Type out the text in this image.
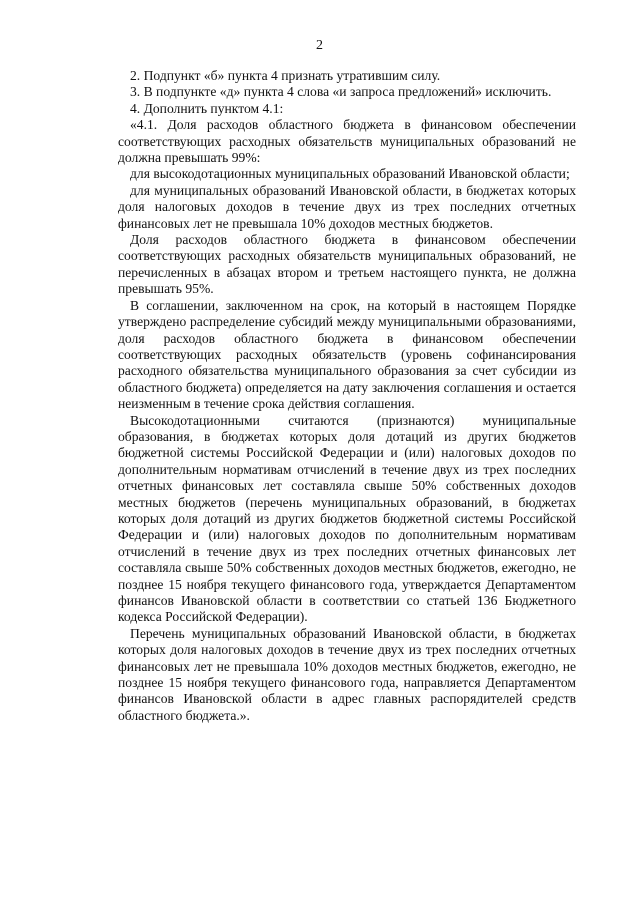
2

2. Подпункт «б» пункта 4 признать утратившим силу.

3. В подпункте «д» пункта 4 слова «и запроса предложений» исключить.

4. Дополнить пунктом 4.1:

«4.1. Доля расходов областного бюджета в финансовом обеспечении соответствующих расходных обязательств муниципальных образований не должна превышать 99%:

для высокодотационных муниципальных образований Ивановской области;

для муниципальных образований Ивановской области, в бюджетах которых доля налоговых доходов в течение двух из трех последних отчетных финансовых лет не превышала 10% доходов местных бюджетов.

Доля расходов областного бюджета в финансовом обеспечении соответствующих расходных обязательств муниципальных образований, не перечисленных в абзацах втором и третьем настоящего пункта, не должна превышать 95%.

В соглашении, заключенном на срок, на который в настоящем Порядке утверждено распределение субсидий между муниципальными образованиями, доля расходов областного бюджета в финансовом обеспечении соответствующих расходных обязательств (уровень софинансирования расходного обязательства муниципального образования за счет субсидии из областного бюджета) определяется на дату заключения соглашения и остается неизменным в течение срока действия соглашения.

Высокодотационными считаются (признаются) муниципальные образования, в бюджетах которых доля дотаций из других бюджетов бюджетной системы Российской Федерации и (или) налоговых доходов по дополнительным нормативам отчислений в течение двух из трех последних отчетных финансовых лет составляла свыше 50% собственных доходов местных бюджетов (перечень муниципальных образований, в бюджетах которых доля дотаций из других бюджетов бюджетной системы Российской Федерации и (или) налоговых доходов по дополнительным нормативам отчислений в течение двух из трех последних отчетных финансовых лет составляла свыше 50% собственных доходов местных бюджетов, ежегодно, не позднее 15 ноября текущего финансового года, утверждается Департаментом финансов Ивановской области в соответствии со статьей 136 Бюджетного кодекса Российской Федерации).

Перечень муниципальных образований Ивановской области, в бюджетах которых доля налоговых доходов в течение двух из трех последних отчетных финансовых лет не превышала 10% доходов местных бюджетов, ежегодно, не позднее 15 ноября текущего финансового года, направляется Департаментом финансов Ивановской области в адрес главных распорядителей средств областного бюджета.».
